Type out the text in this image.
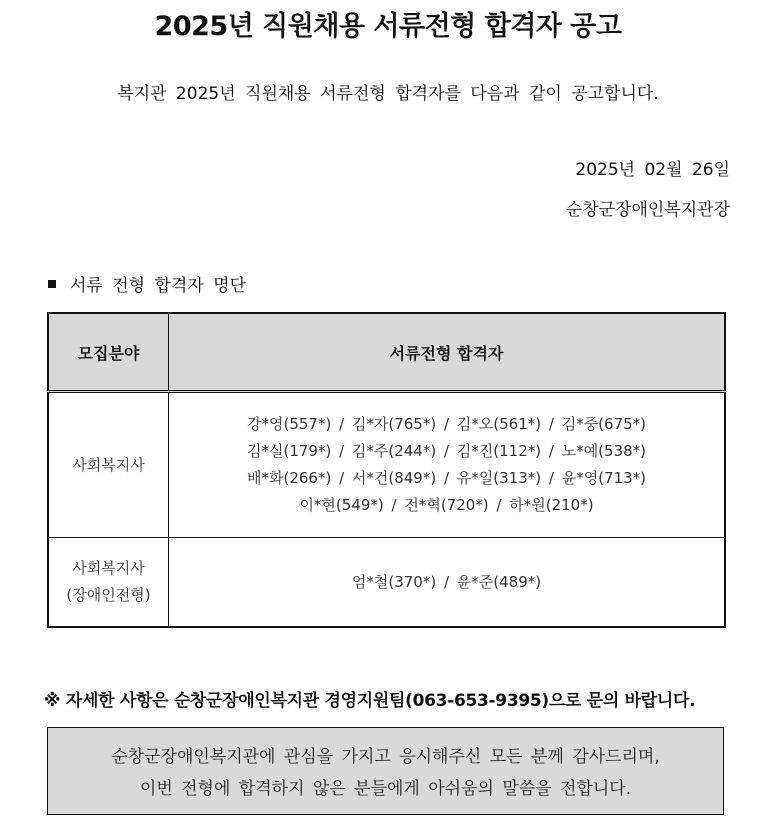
2025년 직원채용 서류전형 합격자 공고
복지관 2025년 직원채용 서류전형 합격자를 다음과 같이 공고합니다.
2025년 02월 26일
순창군장애인복지관장
서류 전형 합격자 명단
모집분야	서류전형 합격자
사회복지사	강*영(557*) / 김*자(765*) / 김*오(561*) / 김*중(675*)
김*실(179*) / 김*주(244*) / 김*진(112*) / 노*예(538*)
배*화(266*) / 서*건(849*) / 유*일(313*) / 윤*영(713*)
이*현(549*) / 전*혁(720*) / 하*원(210*)

사회복지사
(장애인전형)	엄*철(370*) / 윤*준(489*)
※ 자세한 사항은 순창군장애인복지관 경영지원팀(063-653-9395)으로 문의 바랍니다.
순창군장애인복지관에 관심을 가지고 응시해주신 모든 분께 감사드리며,
이번 전형에 합격하지 않은 분들에게 아쉬움의 말씀을 전합니다.
